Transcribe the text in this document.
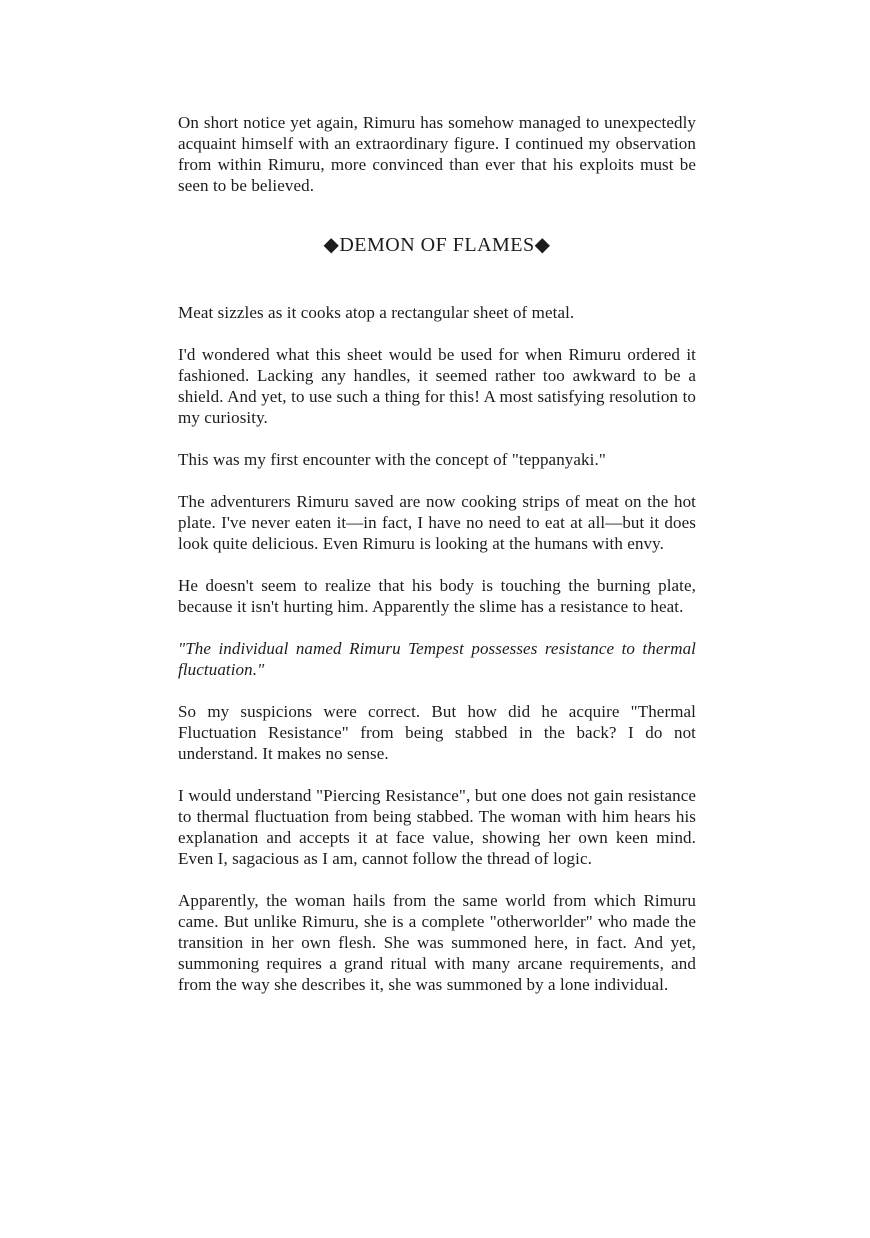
On short notice yet again, Rimuru has somehow managed to unexpectedly acquaint himself with an extraordinary figure. I continued my observation from within Rimuru, more convinced than ever that his exploits must be seen to be believed.

◆DEMON OF FLAMES◆

Meat sizzles as it cooks atop a rectangular sheet of metal.

I'd wondered what this sheet would be used for when Rimuru ordered it fashioned. Lacking any handles, it seemed rather too awkward to be a shield. And yet, to use such a thing for this! A most satisfying resolution to my curiosity.

This was my first encounter with the concept of "teppanyaki."

The adventurers Rimuru saved are now cooking strips of meat on the hot plate. I've never eaten it—in fact, I have no need to eat at all—but it does look quite delicious. Even Rimuru is looking at the humans with envy.

He doesn't seem to realize that his body is touching the burning plate, because it isn't hurting him. Apparently the slime has a resistance to heat.

"The individual named Rimuru Tempest possesses resistance to thermal fluctuation."

So my suspicions were correct. But how did he acquire "Thermal Fluctuation Resistance" from being stabbed in the back? I do not understand. It makes no sense.

I would understand "Piercing Resistance", but one does not gain resistance to thermal fluctuation from being stabbed. The woman with him hears his explanation and accepts it at face value, showing her own keen mind. Even I, sagacious as I am, cannot follow the thread of logic.

Apparently, the woman hails from the same world from which Rimuru came. But unlike Rimuru, she is a complete "otherworlder" who made the transition in her own flesh. She was summoned here, in fact. And yet, summoning requires a grand ritual with many arcane requirements, and from the way she describes it, she was summoned by a lone individual.
